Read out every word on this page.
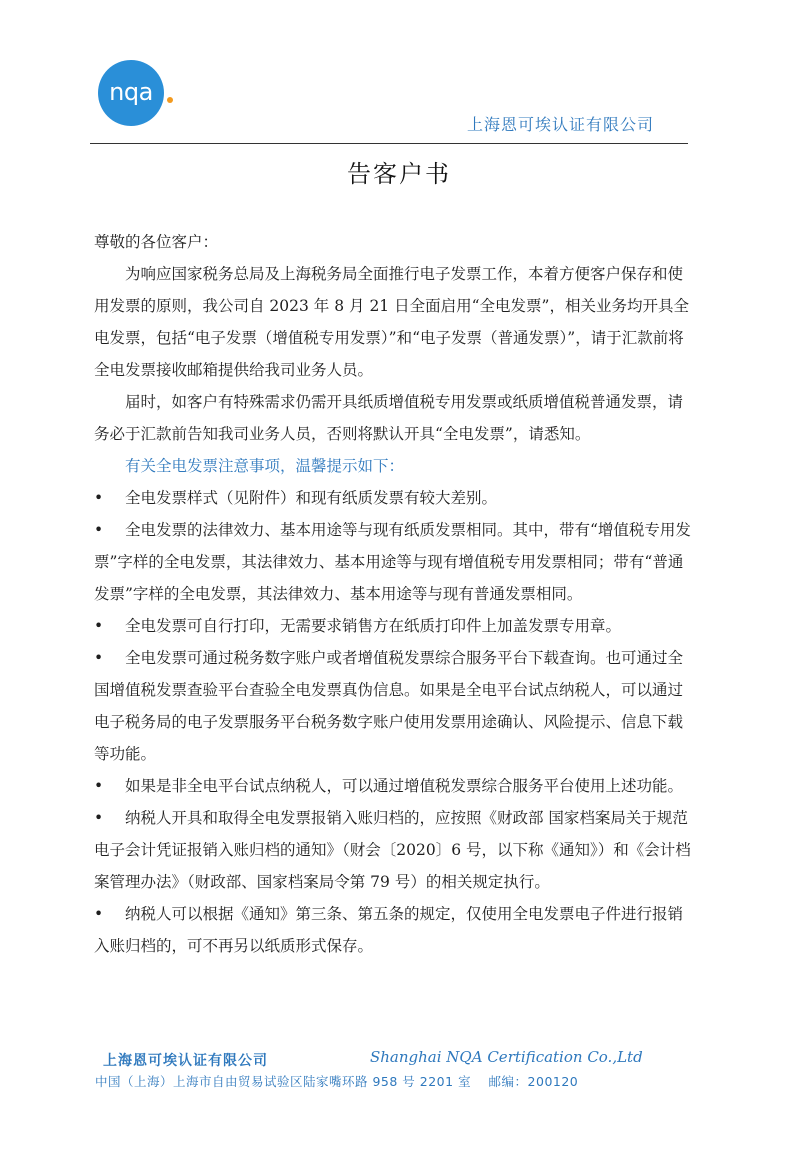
nqa
上海恩可埃认证有限公司
告客户书

尊敬的各位客户：

为响应国家税务总局及上海税务局全面推行电子发票工作，本着方便客户保存和使用发票的原则，我公司自 2023 年 8 月 21 日全面启用“全电发票”，相关业务均开具全电发票，包括“电子发票（增值税专用发票）”和“电子发票（普通发票）”，请于汇款前将全电发票接收邮箱提供给我司业务人员。

届时，如客户有特殊需求仍需开具纸质增值税专用发票或纸质增值税普通发票，请务必于汇款前告知我司业务人员，否则将默认开具“全电发票”，请悉知。

有关全电发票注意事项，温馨提示如下：

• 全电发票样式（见附件）和现有纸质发票有较大差别。

• 全电发票的法律效力、基本用途等与现有纸质发票相同。其中，带有“增值税专用发票”字样的全电发票，其法律效力、基本用途等与现有增值税专用发票相同；带有“普通发票”字样的全电发票，其法律效力、基本用途等与现有普通发票相同。

• 全电发票可自行打印，无需要求销售方在纸质打印件上加盖发票专用章。

• 全电发票可通过税务数字账户或者增值税发票综合服务平台下载查询。也可通过全国增值税发票查验平台查验全电发票真伪信息。如果是全电平台试点纳税人，可以通过电子税务局的电子发票服务平台税务数字账户使用发票用途确认、风险提示、信息下载等功能。

• 如果是非全电平台试点纳税人，可以通过增值税发票综合服务平台使用上述功能。

• 纳税人开具和取得全电发票报销入账归档的，应按照《财政部 国家档案局关于规范电子会计凭证报销入账归档的通知》（财会〔2020〕6 号，以下称《通知》）和《会计档案管理办法》（财政部、国家档案局令第 79 号）的相关规定执行。

• 纳税人可以根据《通知》第三条、第五条的规定，仅使用全电发票电子件进行报销入账归档的，可不再另以纸质形式保存。

上海恩可埃认证有限公司	Shanghai NQA Certification Co.,Ltd
中国（上海）上海市自由贸易试验区陆家嘴环路 958 号 2201 室　 邮编：200120
